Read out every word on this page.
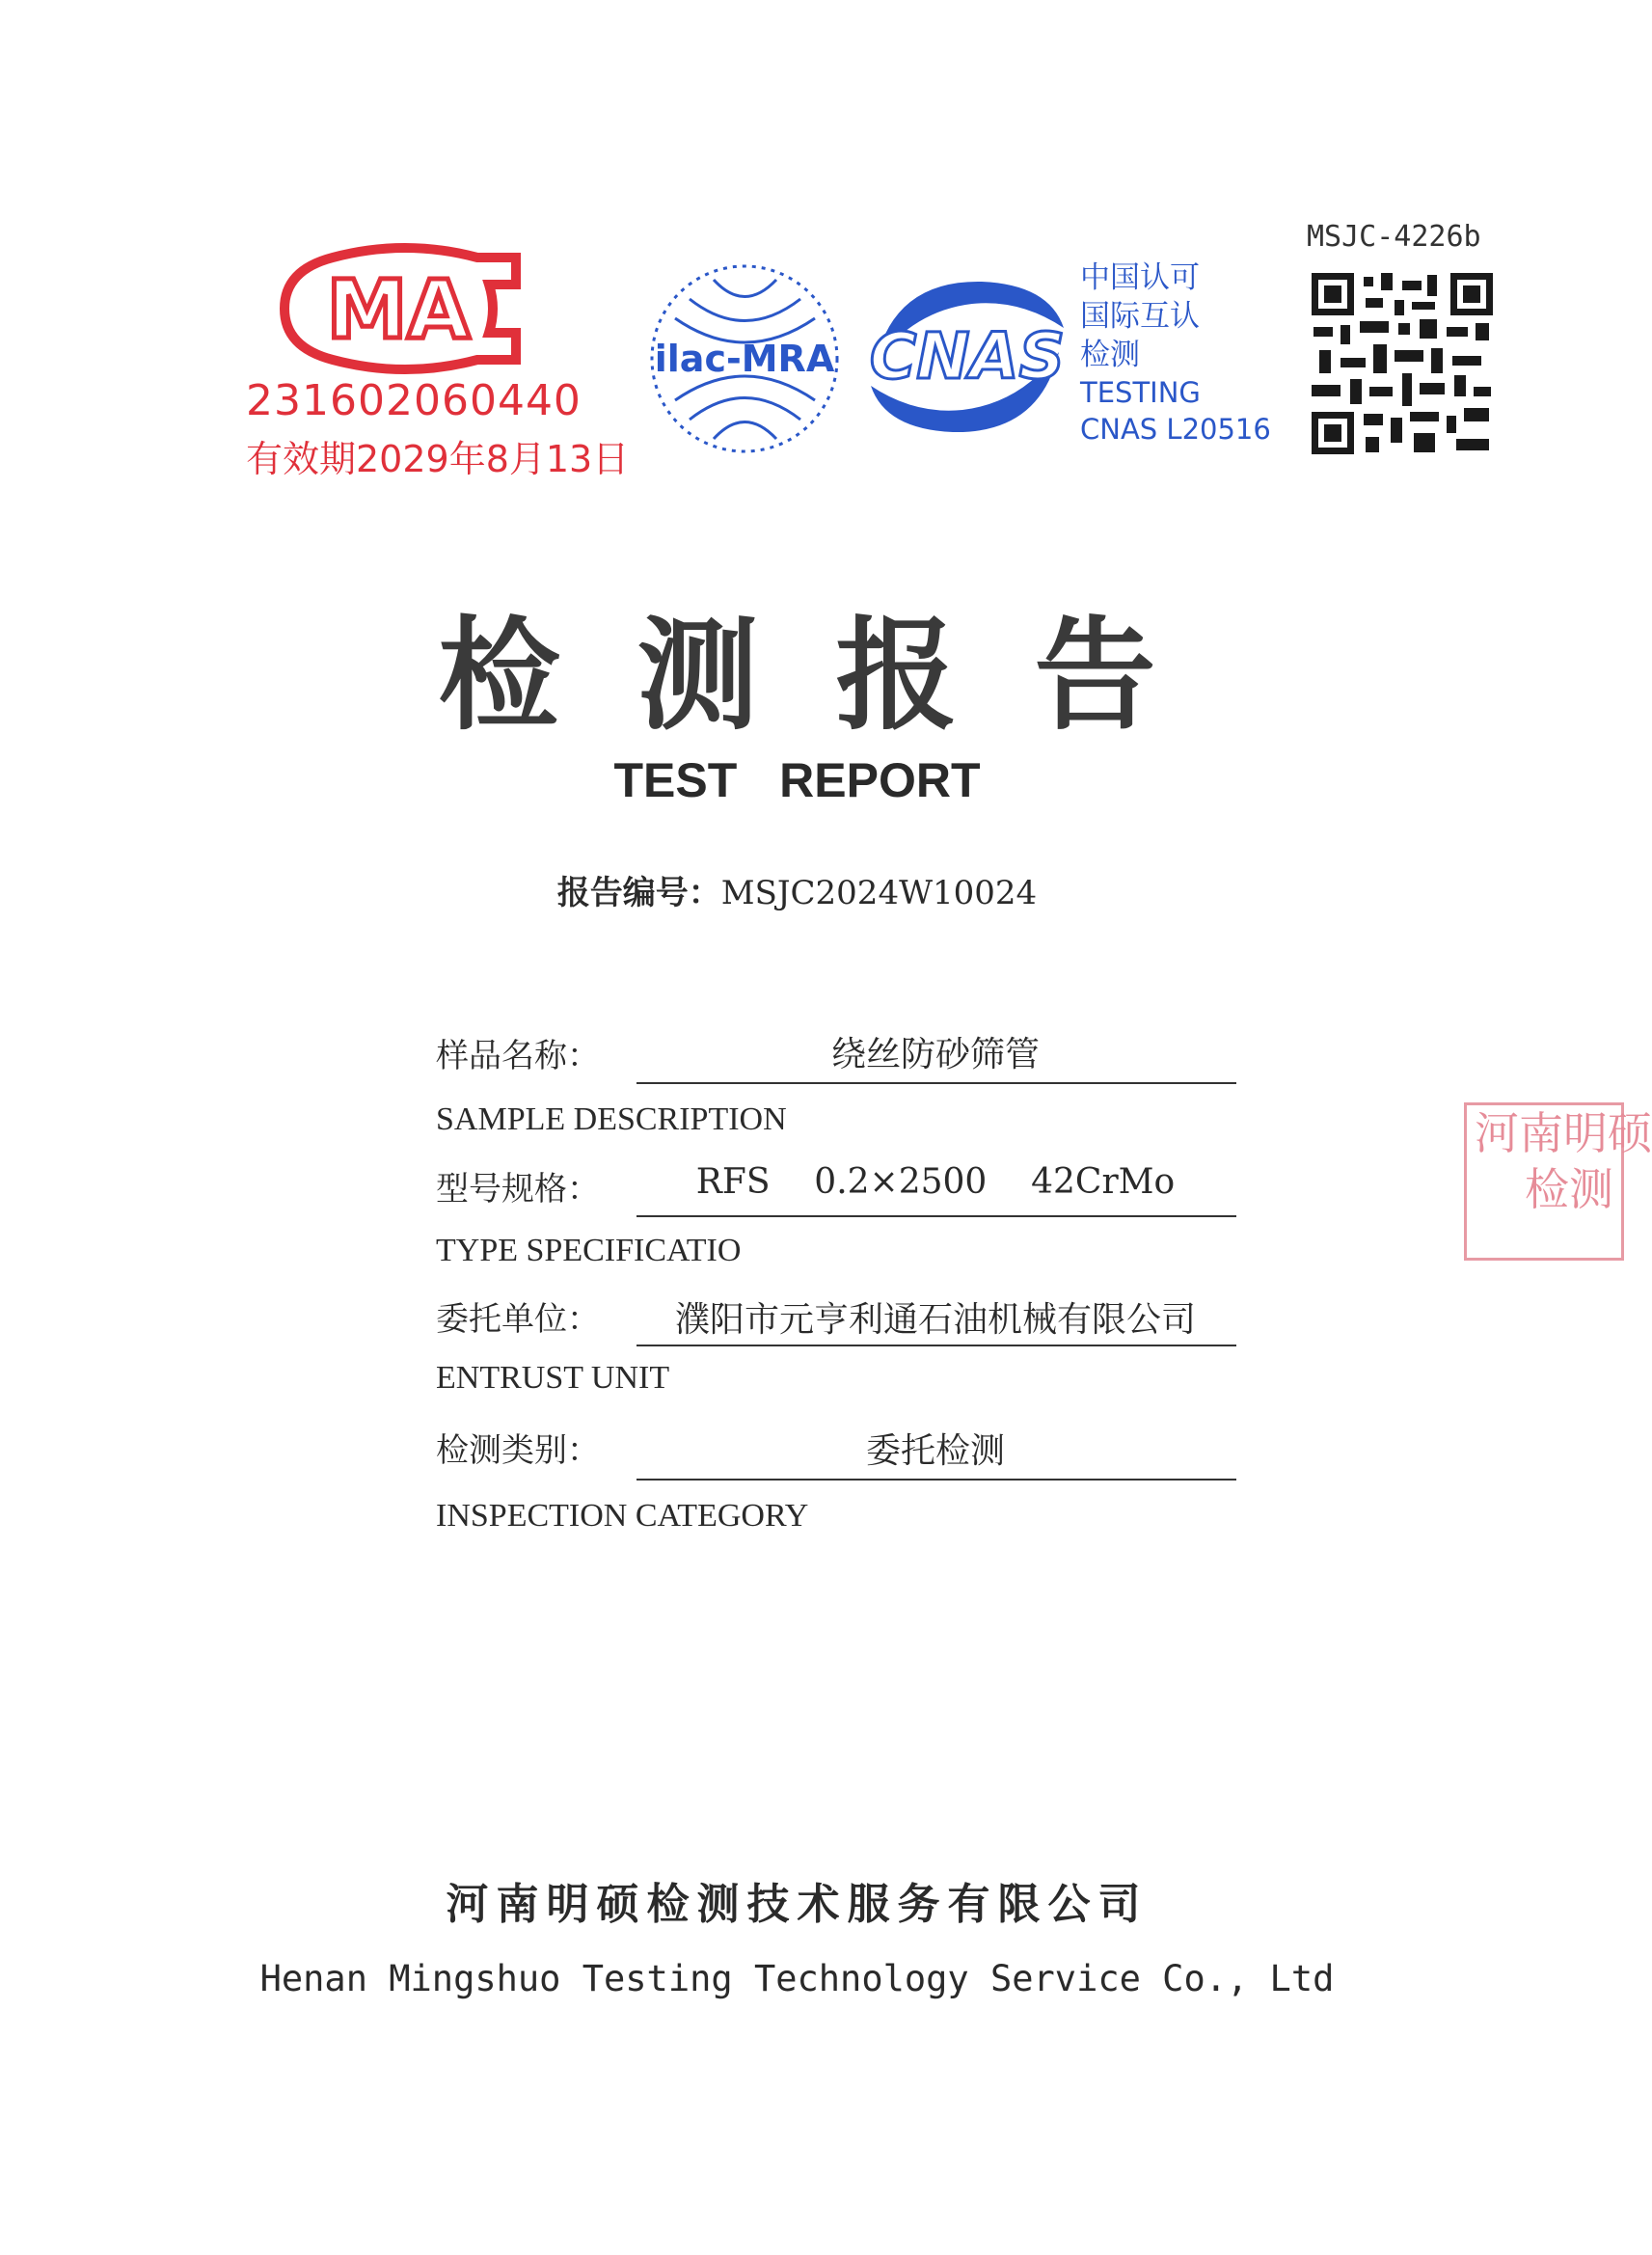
MA
231602060440
有效期2029年8月13日
ilac-MRA CNAS
中国认可
国际互认
检测
TESTING
CNAS L20516
MSJC-4226b
检测报告
TEST REPORT
报告编号：MSJC2024W10024
样品名称：	绕丝防砂筛管
SAMPLE DESCRIPTION
型号规格：	RFS    0.2×2500    42CrMo
TYPE SPECIFICATIO
委托单位：	濮阳市元亨利通石油机械有限公司
ENTRUST UNIT
检测类别：	委托检测
INSPECTION CATEGORY
河南明硕
检测
河南明硕检测技术服务有限公司
Henan Mingshuo Testing Technology Service Co., Ltd
